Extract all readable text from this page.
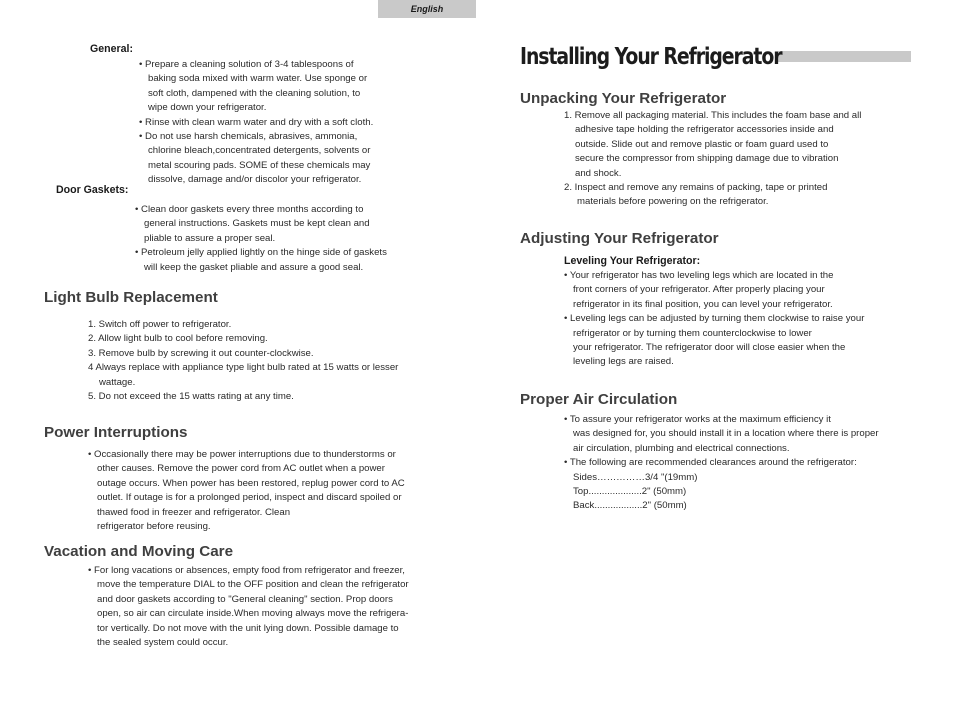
English
General:
• Prepare a cleaning solution of 3-4 tablespoons of
baking soda mixed with warm water. Use sponge or
soft cloth, dampened with the cleaning solution, to
wipe down your refrigerator.
• Rinse with clean warm water and dry with a soft cloth.
• Do not use harsh chemicals, abrasives, ammonia,
chlorine bleach,concentrated detergents, solvents or
metal scouring pads. SOME of these chemicals may
dissolve, damage and/or discolor your refrigerator.
Door Gaskets:
• Clean door gaskets every three months according to
general instructions. Gaskets must be kept clean and
pliable to assure a proper seal.
• Petroleum jelly applied lightly on the hinge side of gaskets
will keep the gasket pliable and assure a good seal.
Light Bulb Replacement
1. Switch off power to refrigerator.
2. Allow light bulb to cool before removing.
3. Remove bulb by screwing it out counter-clockwise.
4 Always replace with appliance type light bulb rated at 15 watts or lesser
wattage.
5. Do not exceed the 15 watts rating at any time.
Power Interruptions
• Occasionally there may be power interruptions due to thunderstorms or
other causes. Remove the power cord from AC outlet when a power
outage occurs. When power has been restored, replug power cord to AC
outlet. If outage is for a prolonged period, inspect and discard spoiled or
thawed food in freezer and refrigerator. Clean
refrigerator before reusing.
Vacation and Moving Care
• For long vacations or absences, empty food from refrigerator and freezer,
move the temperature DIAL to the OFF position and clean the refrigerator
and door gaskets according to "General cleaning" section. Prop doors
open, so air can circulate inside.When moving always move the refrigera-
tor vertically. Do not move with the unit lying down. Possible damage to
the sealed system could occur.
Installing Your Refrigerator
Unpacking Your Refrigerator
1. Remove all packaging material. This includes the foam base and all
adhesive tape holding the refrigerator accessories inside and
outside. Slide out and remove plastic or foam guard used to
secure the compressor from shipping damage due to vibration
and shock.
2. Inspect and remove any remains of packing, tape or printed
materials before powering on the refrigerator.
Adjusting Your Refrigerator
Leveling Your Refrigerator:
• Your refrigerator has two leveling legs which are located in the
front corners of your refrigerator. After properly placing your
refrigerator in its final position, you can level your refrigerator.
• Leveling legs can be adjusted by turning them clockwise to raise your
refrigerator or by turning them counterclockwise to lower
your refrigerator. The refrigerator door will close easier when the
leveling legs are raised.
Proper Air Circulation
• To assure your refrigerator works at the maximum efficiency it
was designed for, you should install it in a location where there is proper
air circulation, plumbing and electrical connections.
• The following are recommended clearances around the refrigerator:
Sides……………3/4 "(19mm)
Top....................2" (50mm)
Back..................2" (50mm)
